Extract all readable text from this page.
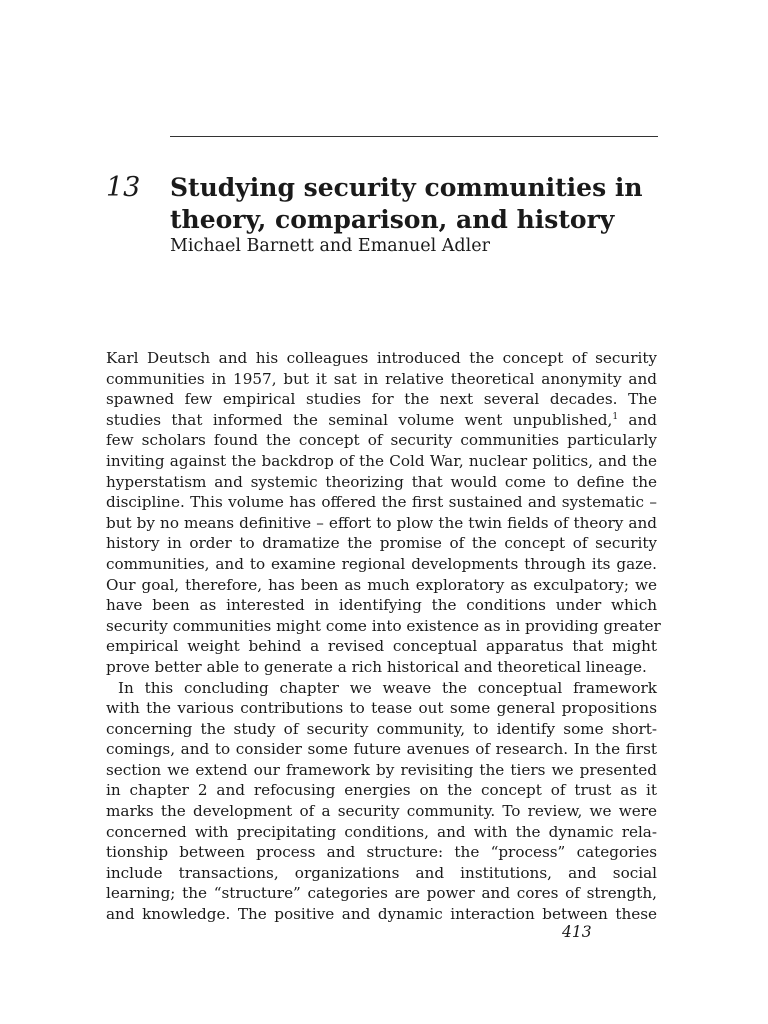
13 Studying security communities in
theory, comparison, and history
Michael Barnett and Emanuel Adler
Karl Deutsch and his colleagues introduced the concept of security
communities in 1957, but it sat in relative theoretical anonymity and
spawned few empirical studies for the next several decades. The
studies that informed the seminal volume went unpublished,$^1$ and
few scholars found the concept of security communities particularly
inviting against the backdrop of the Cold War, nuclear politics, and the
hyperstatism and systemic theorizing that would come to define the
discipline. This volume has offered the first sustained and systematic –
but by no means definitive – effort to plow the twin fields of theory and
history in order to dramatize the promise of the concept of security
communities, and to examine regional developments through its gaze.
Our goal, therefore, has been as much exploratory as exculpatory; we
have been as interested in identifying the conditions under which
security communities might come into existence as in providing greater
empirical weight behind a revised conceptual apparatus that might
prove better able to generate a rich historical and theoretical lineage.
In this concluding chapter we weave the conceptual framework
with the various contributions to tease out some general propositions
concerning the study of security community, to identify some short-
comings, and to consider some future avenues of research. In the first
section we extend our framework by revisiting the tiers we presented
in chapter 2 and refocusing energies on the concept of trust as it
marks the development of a security community. To review, we were
concerned with precipitating conditions, and with the dynamic rela-
tionship between process and structure: the “process” categories
include transactions, organizations and institutions, and social
learning; the “structure” categories are power and cores of strength,
and knowledge. The positive and dynamic interaction between these
413
